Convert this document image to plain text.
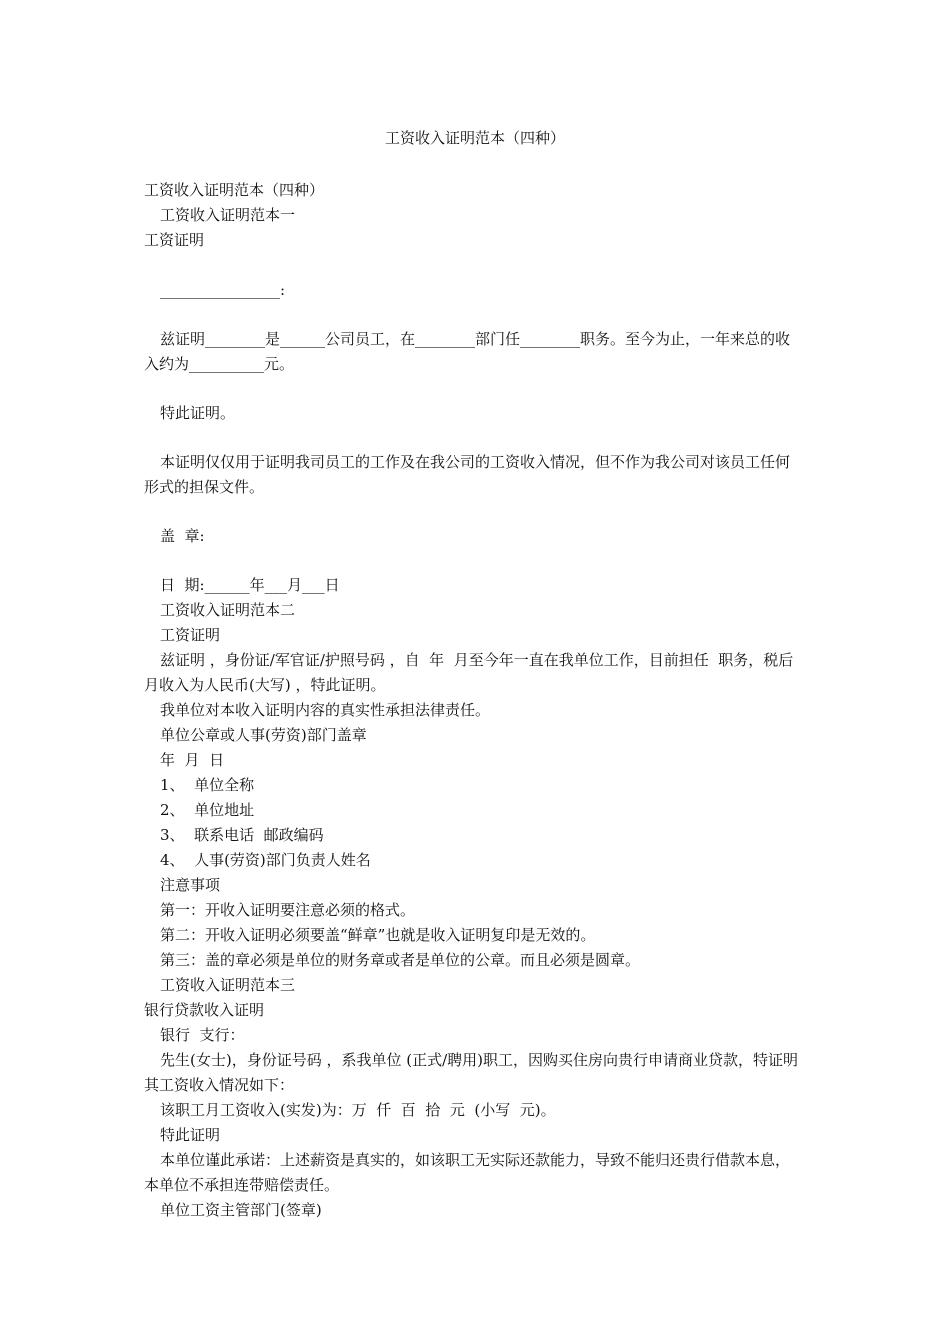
工资收入证明范本（四种）

工资收入证明范本（四种）

工资收入证明范本一

工资证明

________________:

兹证明________是______公司员工，在________部门任________职务。至今为止，一年来总的收入约为__________元。

特此证明。

本证明仅仅用于证明我司员工的工作及在我公司的工资收入情况，但不作为我公司对该员工任何形式的担保文件。

盖  章:

日  期:______年___月___日

工资收入证明范本二

工资证明

兹证明 ，身份证/军官证/护照号码 ，自  年  月至今年一直在我单位工作，目前担任  职务，税后月收入为人民币(大写) ，特此证明。

我单位对本收入证明内容的真实性承担法律责任。

单位公章或人事(劳资)部门盖章

年  月  日

1、  单位全称

2、  单位地址

3、  联系电话  邮政编码

4、  人事(劳资)部门负责人姓名

注意事项

第一：开收入证明要注意必须的格式。

第二：开收入证明必须要盖“鲜章”也就是收入证明复印是无效的。

第三：盖的章必须是单位的财务章或者是单位的公章。而且必须是圆章。

工资收入证明范本三

银行贷款收入证明

银行  支行：

先生(女士)，身份证号码 ，系我单位 (正式/聘用)职工，因购买住房向贵行申请商业贷款，特证明其工资收入情况如下：

该职工月工资收入(实发)为：万  仟  百  拾  元  (小写  元)。

特此证明

本单位谨此承诺：上述薪资是真实的，如该职工无实际还款能力，导致不能归还贵行借款本息，本单位不承担连带赔偿责任。

单位工资主管部门(签章)
